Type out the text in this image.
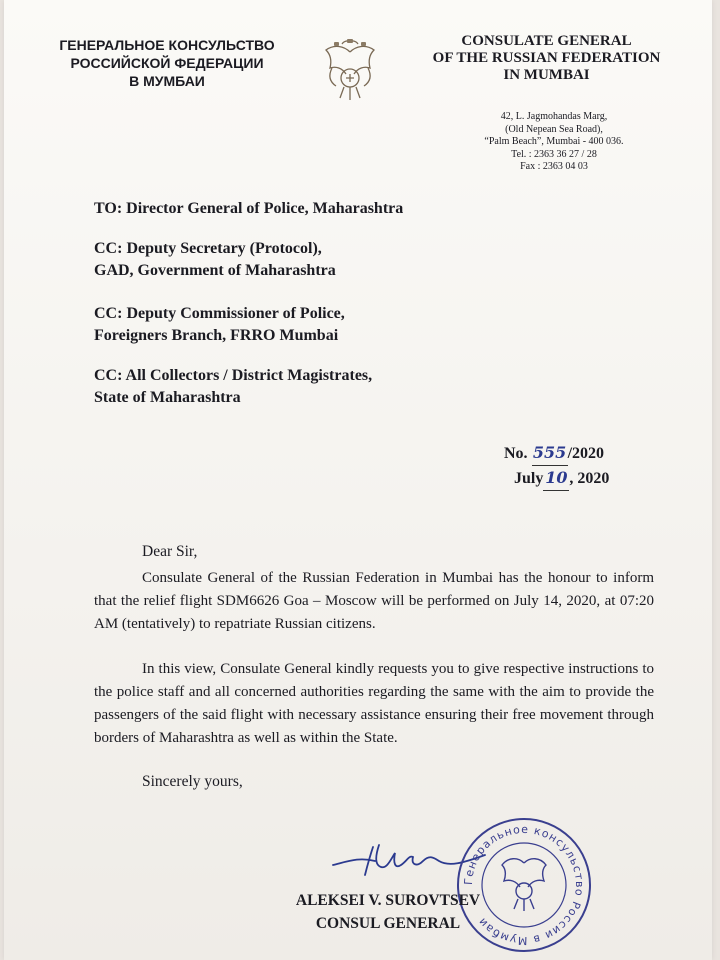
ГЕНЕРАЛЬНОЕ КОНСУЛЬСТВО
РОССИЙСКОЙ ФЕДЕРАЦИИ
В МУМБАИ
CONSULATE GENERAL
OF THE RUSSIAN FEDERATION
IN MUMBAI
42, L. Jagmohandas Marg,
(Old Nepean Sea Road),
“Palm Beach”, Mumbai - 400 036.
Tel. : 2363 36 27 / 28
Fax : 2363 04 03
TO: Director General of Police, Maharashtra
CC: Deputy Secretary (Protocol),
GAD, Government of Maharashtra
CC: Deputy Commissioner of Police,
Foreigners Branch, FRRO Mumbai
CC: All Collectors / District Magistrates,
State of Maharashtra
No. 555/2020
July 10 , 2020
Dear Sir,
Consulate General of the Russian Federation in Mumbai has the honour to inform that the relief flight SDM6626 Goa – Moscow will be performed on July 14, 2020, at 07:20 AM (tentatively) to repatriate Russian citizens.
In this view, Consulate General kindly requests you to give respective instructions to the police staff and all concerned authorities regarding the same with the aim to provide the passengers of the said flight with necessary assistance ensuring their free movement through borders of Maharashtra as well as within the State.
Sincerely yours,
Генеральное консульство России в Мумбаи
ALEKSEI V. SUROVTSEV
CONSUL GENERAL
